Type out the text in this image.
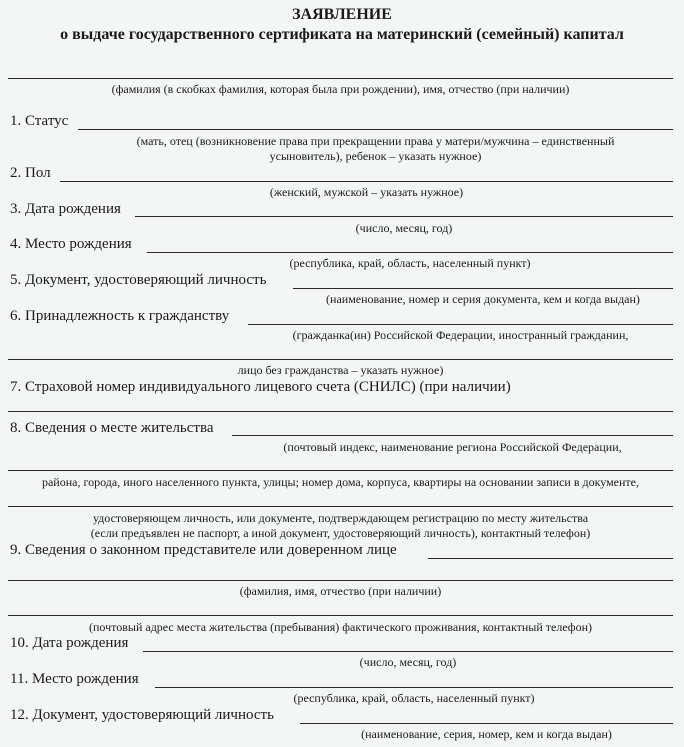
ЗАЯВЛЕНИЕ
о выдаче государственного сертификата на материнский (семейный) капитал
(фамилия (в скобках фамилия, которая была при рождении), имя, отчество (при наличии)
1. Статус
(мать, отец (возникновение права при прекращении права у матери/мужчина – единственный
усыновитель), ребенок – указать нужное)
2. Пол
(женский, мужской – указать нужное)
3. Дата рождения
(число, месяц, год)
4. Место рождения
(республика, край, область, населенный пункт)
5. Документ, удостоверяющий личность
(наименование, номер и серия документа, кем и когда выдан)
6. Принадлежность к гражданству
(гражданка(ин) Российской Федерации, иностранный гражданин,
лицо без гражданства – указать нужное)
7. Страховой номер индивидуального лицевого счета (СНИЛС) (при наличии)
8. Сведения о месте жительства
(почтовый индекс, наименование региона Российской Федерации,
района, города, иного населенного пункта, улицы; номер дома, корпуса, квартиры на основании записи в документе,
удостоверяющем личность, или документе, подтверждающем регистрацию по месту жительства
(если предъявлен не паспорт, а иной документ, удостоверяющий личность), контактный телефон)
9. Сведения о законном представителе или доверенном лице
(фамилия, имя, отчество (при наличии)
(почтовый адрес места жительства (пребывания) фактического проживания, контактный телефон)
10. Дата рождения
(число, месяц, год)
11. Место рождения
(республика, край, область, населенный пункт)
12. Документ, удостоверяющий личность
(наименование, серия, номер, кем и когда выдан)
